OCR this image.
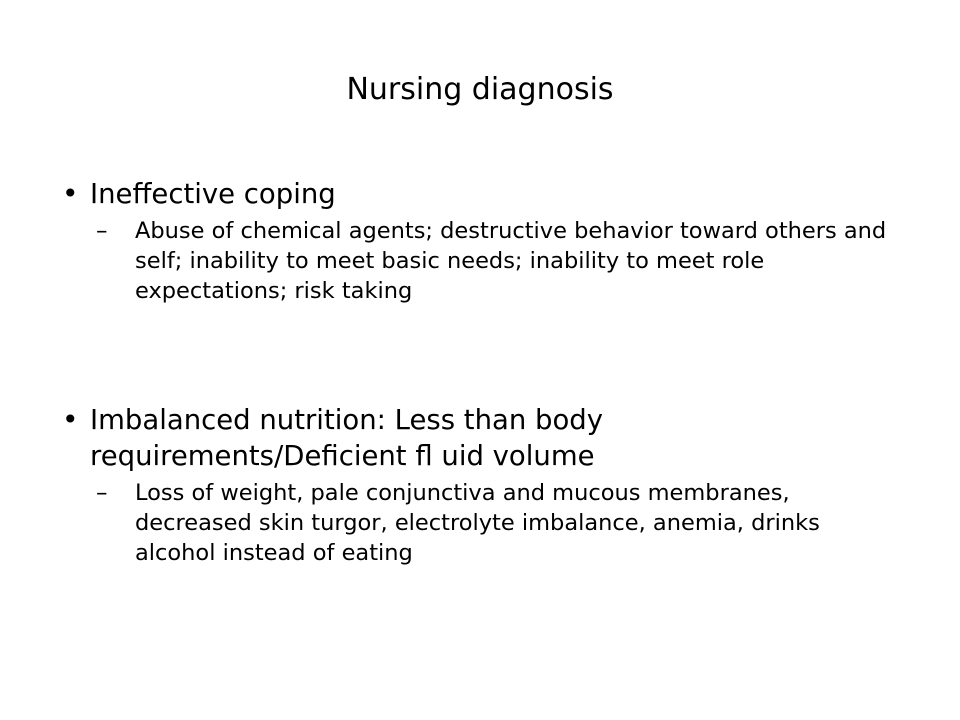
Nursing diagnosis
• Ineffective coping

– Abuse of chemical agents; destructive behavior toward others and self; inability to meet basic needs; inability to meet role expectations; risk taking

• Imbalanced nutrition: Less than body requirements/Deficient fl uid volume

– Loss of weight, pale conjunctiva and mucous membranes, decreased skin turgor, electrolyte imbalance, anemia, drinks alcohol instead of eating
